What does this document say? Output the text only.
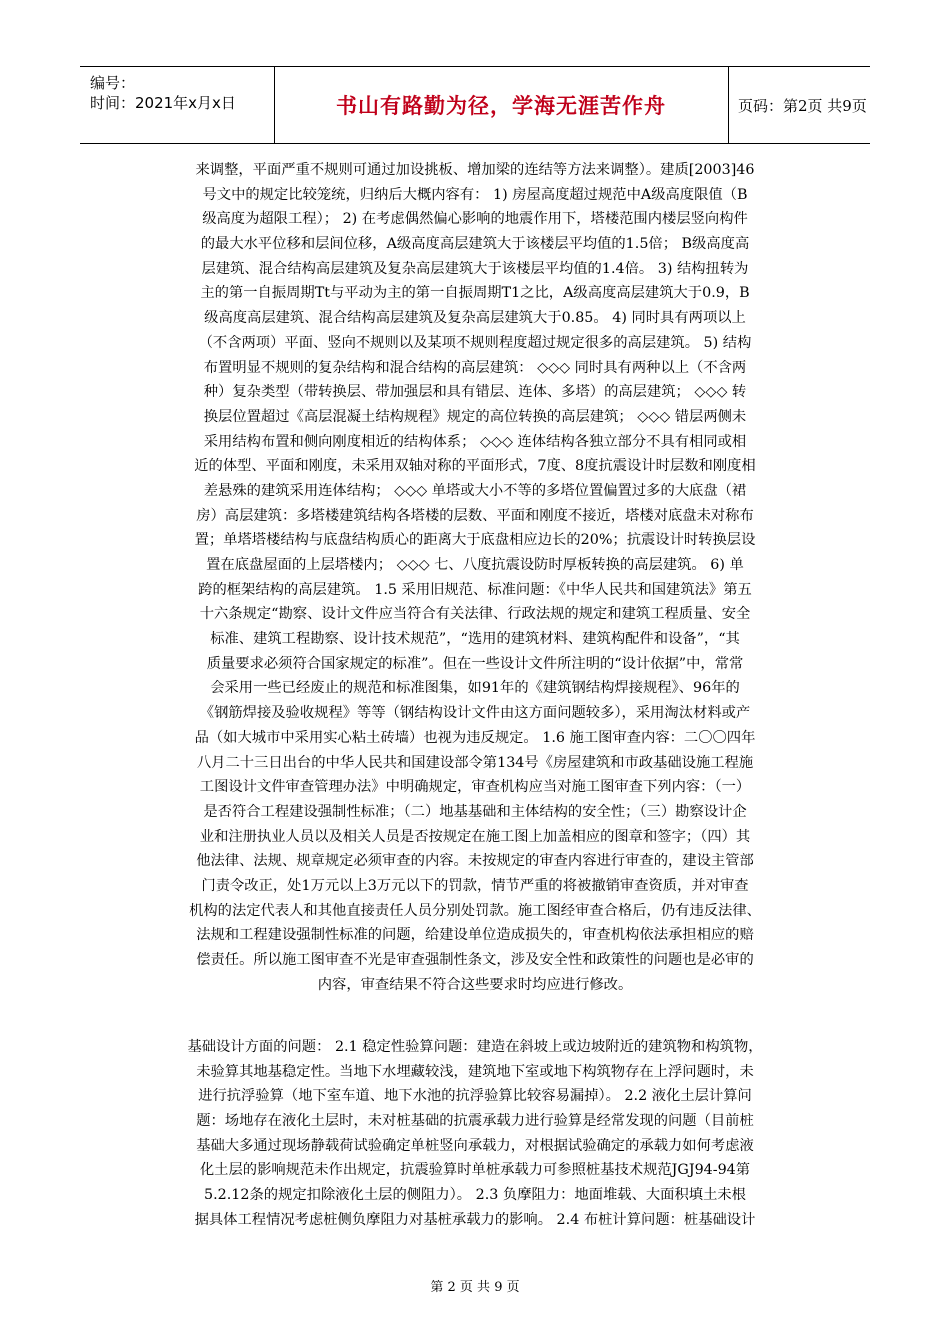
编号：
时间：2021年x月x日	书山有路勤为径，学海无涯苦作舟	页码：第2页 共9页
来调整，平面严重不规则可通过加设挑板、增加梁的连结等方法来调整）。建质[2003]46
号文中的规定比较笼统，归纳后大概内容有： 1) 房屋高度超过规范中A级高度限值（B
级高度为超限工程）； 2) 在考虑偶然偏心影响的地震作用下，塔楼范围内楼层竖向构件
的最大水平位移和层间位移，A级高度高层建筑大于该楼层平均值的1.5倍； B级高度高
层建筑、混合结构高层建筑及复杂高层建筑大于该楼层平均值的1.4倍。 3) 结构扭转为
主的第一自振周期Tt与平动为主的第一自振周期T1之比，A级高度高层建筑大于0.9，B
级高度高层建筑、混合结构高层建筑及复杂高层建筑大于0.85。 4) 同时具有两项以上
（不含两项）平面、竖向不规则以及某项不规则程度超过规定很多的高层建筑。 5) 结构
布置明显不规则的复杂结构和混合结构的高层建筑： ◇◇◇ 同时具有两种以上（不含两
种）复杂类型（带转换层、带加强层和具有错层、连体、多塔）的高层建筑； ◇◇◇ 转
换层位置超过《高层混凝土结构规程》规定的高位转换的高层建筑； ◇◇◇ 错层两侧未
采用结构布置和侧向刚度相近的结构体系； ◇◇◇ 连体结构各独立部分不具有相同或相
近的体型、平面和刚度，未采用双轴对称的平面形式，7度、8度抗震设计时层数和刚度相
差悬殊的建筑采用连体结构； ◇◇◇ 单塔或大小不等的多塔位置偏置过多的大底盘（裙
房）高层建筑：多塔楼建筑结构各塔楼的层数、平面和刚度不接近，塔楼对底盘未对称布
置；单塔塔楼结构与底盘结构质心的距离大于底盘相应边长的20%；抗震设计时转换层设
置在底盘屋面的上层塔楼内； ◇◇◇ 七、八度抗震设防时厚板转换的高层建筑。 6) 单
跨的框架结构的高层建筑。 1.5 采用旧规范、标准问题：《中华人民共和国建筑法》第五
十六条规定“勘察、设计文件应当符合有关法律、行政法规的规定和建筑工程质量、安全
标准、建筑工程勘察、设计技术规范”，“选用的建筑材料、建筑构配件和设备”，“其
质量要求必须符合国家规定的标准”。但在一些设计文件所注明的“设计依据”中，常常
会采用一些已经废止的规范和标准图集，如91年的《建筑钢结构焊接规程》、96年的
《钢筋焊接及验收规程》等等（钢结构设计文件由这方面问题较多），采用淘汰材料或产
品（如大城市中采用实心粘土砖墙）也视为违反规定。 1.6 施工图审查内容：二〇〇四年
八月二十三日出台的中华人民共和国建设部令第134号《房屋建筑和市政基础设施工程施
工图设计文件审查管理办法》中明确规定，审查机构应当对施工图审查下列内容：（一）
是否符合工程建设强制性标准；（二）地基基础和主体结构的安全性；（三）勘察设计企
业和注册执业人员以及相关人员是否按规定在施工图上加盖相应的图章和签字；（四）其
他法律、法规、规章规定必须审查的内容。未按规定的审查内容进行审查的，建设主管部
门责令改正，处1万元以上3万元以下的罚款，情节严重的将被撤销审查资质，并对审查
机构的法定代表人和其他直接责任人员分别处罚款。施工图经审查合格后，仍有违反法律、
法规和工程建设强制性标准的问题，给建设单位造成损失的，审查机构依法承担相应的赔
偿责任。所以施工图审查不光是审查强制性条文，涉及安全性和政策性的问题也是必审的
内容，审查结果不符合这些要求时均应进行修改。
基础设计方面的问题： 2.1 稳定性验算问题：建造在斜坡上或边坡附近的建筑物和构筑物，
未验算其地基稳定性。当地下水埋藏较浅，建筑地下室或地下构筑物存在上浮问题时，未
进行抗浮验算（地下室车道、地下水池的抗浮验算比较容易漏掉）。 2.2 液化土层计算问
题：场地存在液化土层时，未对桩基础的抗震承载力进行验算是经常发现的问题（目前桩
基础大多通过现场静载荷试验确定单桩竖向承载力，对根据试验确定的承载力如何考虑液
化土层的影响规范未作出规定，抗震验算时单桩承载力可参照桩基技术规范JGJ94-94第
5.2.12条的规定扣除液化土层的侧阻力）。 2.3 负摩阻力：地面堆载、大面积填土未根
据具体工程情况考虑桩侧负摩阻力对基桩承载力的影响。 2.4 布桩计算问题：桩基础设计
第 2 页 共 9 页
